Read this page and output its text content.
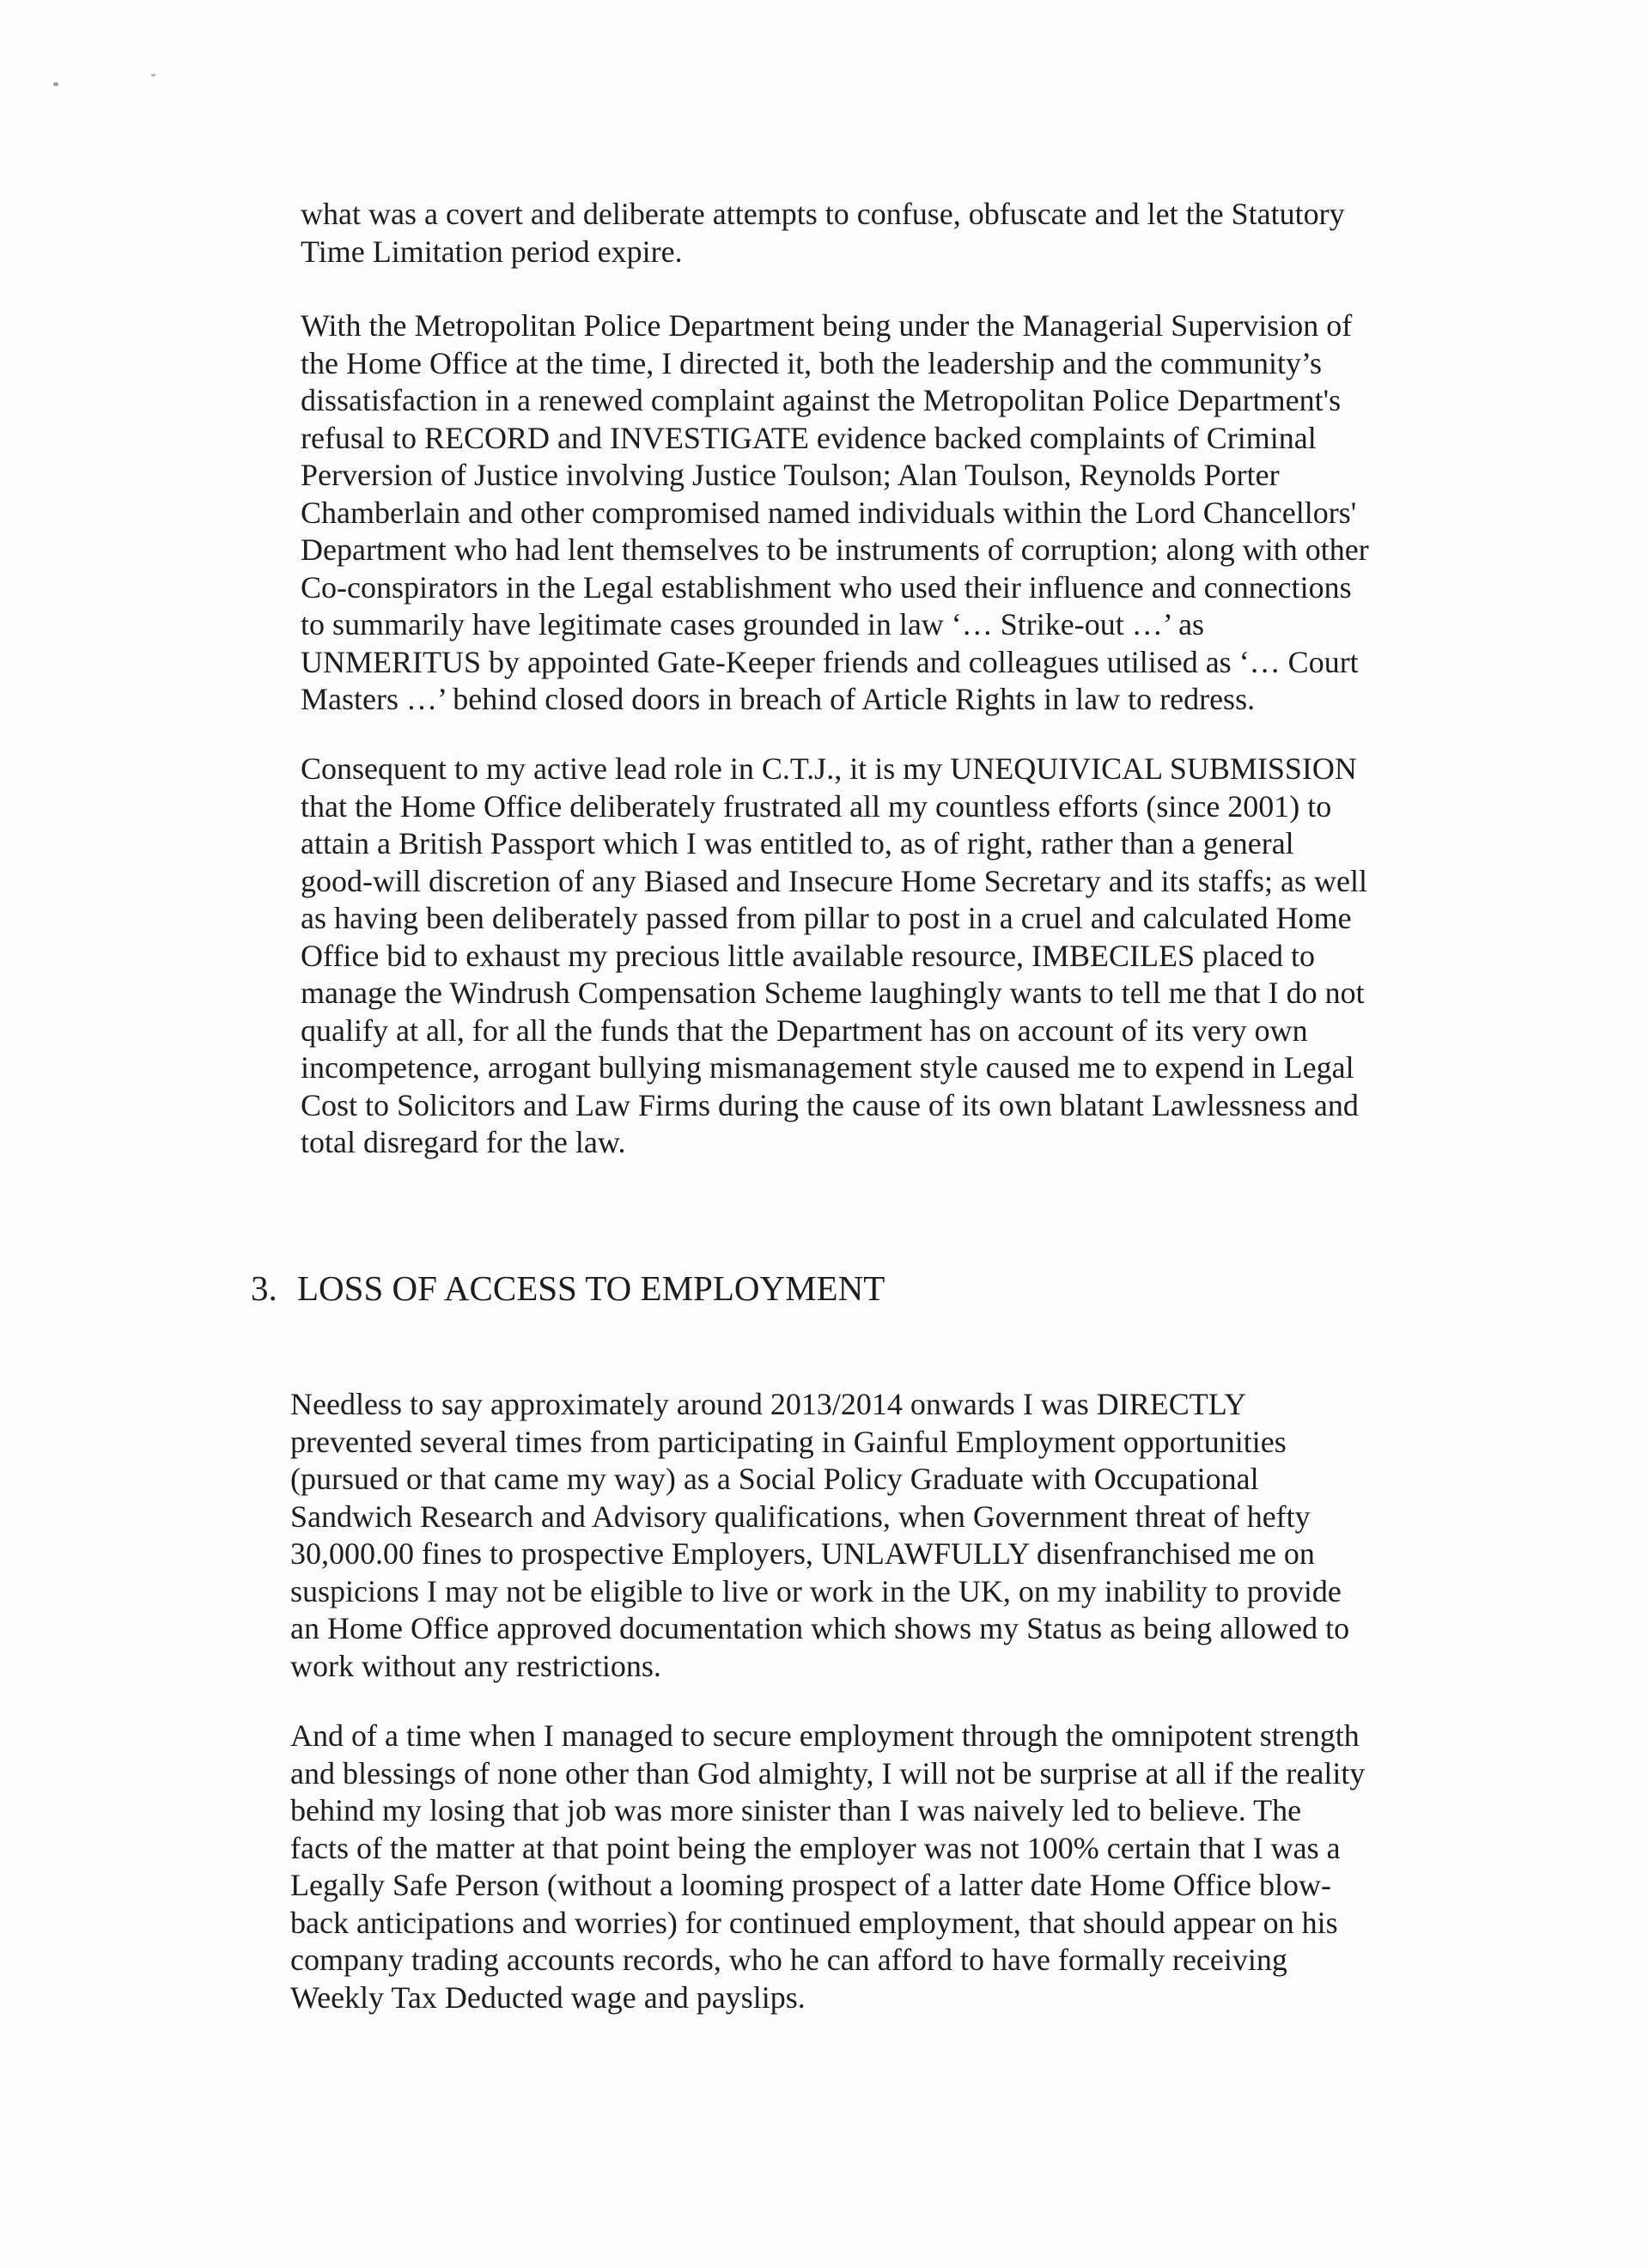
what was a covert and deliberate attempts to confuse, obfuscate and let the Statutory
Time Limitation period expire.

With the Metropolitan Police Department being under the Managerial Supervision of
the Home Office at the time, I directed it, both the leadership and the community’s
dissatisfaction in a renewed complaint against the Metropolitan Police Department's
refusal to RECORD and INVESTIGATE evidence backed complaints of Criminal
Perversion of Justice involving Justice Toulson; Alan Toulson, Reynolds Porter
Chamberlain and other compromised named individuals within the Lord Chancellors'
Department who had lent themselves to be instruments of corruption; along with other
Co-conspirators in the Legal establishment who used their influence and connections
to summarily have legitimate cases grounded in law ‘… Strike-out …’ as
UNMERITUS by appointed Gate-Keeper friends and colleagues utilised as ‘… Court
Masters …’ behind closed doors in breach of Article Rights in law to redress.

Consequent to my active lead role in C.T.J., it is my UNEQUIVICAL SUBMISSION
that the Home Office deliberately frustrated all my countless efforts (since 2001) to
attain a British Passport which I was entitled to, as of right, rather than a general
good-will discretion of any Biased and Insecure Home Secretary and its staffs; as well
as having been deliberately passed from pillar to post in a cruel and calculated Home
Office bid to exhaust my precious little available resource, IMBECILES placed to
manage the Windrush Compensation Scheme laughingly wants to tell me that I do not
qualify at all, for all the funds that the Department has on account of its very own
incompetence, arrogant bullying mismanagement style caused me to expend in Legal
Cost to Solicitors and Law Firms during the cause of its own blatant Lawlessness and
total disregard for the law.

3. LOSS OF ACCESS TO EMPLOYMENT

Needless to say approximately around 2013/2014 onwards I was DIRECTLY
prevented several times from participating in Gainful Employment opportunities
(pursued or that came my way) as a Social Policy Graduate with Occupational
Sandwich Research and Advisory qualifications, when Government threat of hefty
30,000.00 fines to prospective Employers, UNLAWFULLY disenfranchised me on
suspicions I may not be eligible to live or work in the UK, on my inability to provide
an Home Office approved documentation which shows my Status as being allowed to
work without any restrictions.

And of a time when I managed to secure employment through the omnipotent strength
and blessings of none other than God almighty, I will not be surprise at all if the reality
behind my losing that job was more sinister than I was naively led to believe. The
facts of the matter at that point being the employer was not 100% certain that I was a
Legally Safe Person (without a looming prospect of a latter date Home Office blow-
back anticipations and worries) for continued employment, that should appear on his
company trading accounts records, who he can afford to have formally receiving
Weekly Tax Deducted wage and payslips.
